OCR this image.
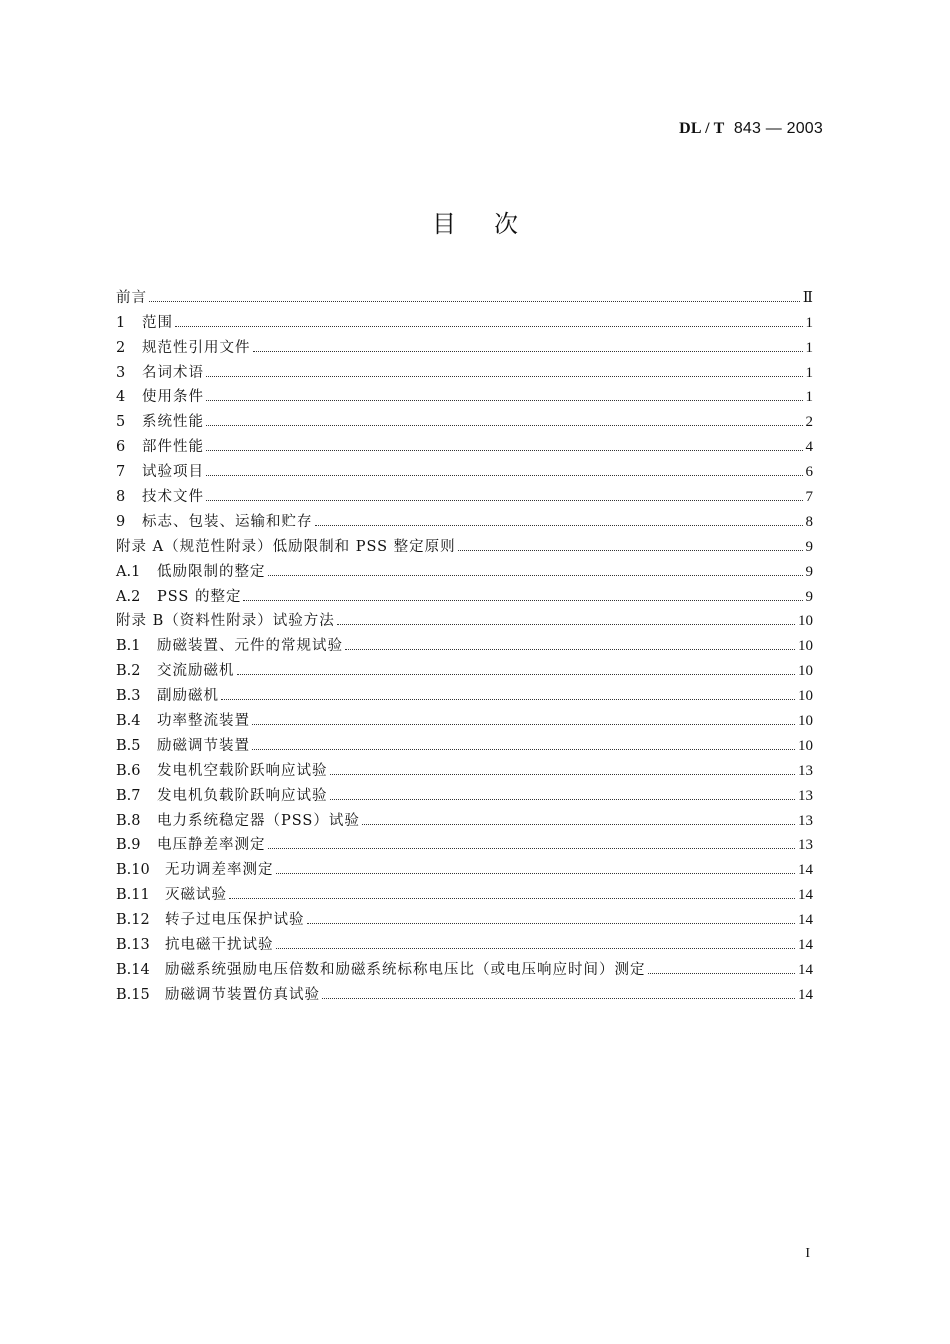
DL / T 843 — 2003
目次
前言	Ⅱ
1	范围	1
2	规范性引用文件	1
3	名词术语	1
4	使用条件	1
5	系统性能	2
6	部件性能	4
7	试验项目	6
8	技术文件	7
9	标志、包装、运输和贮存	8
附录 A（规范性附录）低励限制和 PSS 整定原则	9
A.1	低励限制的整定	9
A.2	PSS 的整定	9
附录 B（资料性附录）试验方法	10
B.1	励磁装置、元件的常规试验	10
B.2	交流励磁机	10
B.3	副励磁机	10
B.4	功率整流装置	10
B.5	励磁调节装置	10
B.6	发电机空载阶跃响应试验	13
B.7	发电机负载阶跃响应试验	13
B.8	电力系统稳定器（PSS）试验	13
B.9	电压静差率测定	13
B.10	无功调差率测定	14
B.11	灭磁试验	14
B.12	转子过电压保护试验	14
B.13	抗电磁干扰试验	14
B.14	励磁系统强励电压倍数和励磁系统标称电压比（或电压响应时间）测定	14
B.15	励磁调节装置仿真试验	14
I
